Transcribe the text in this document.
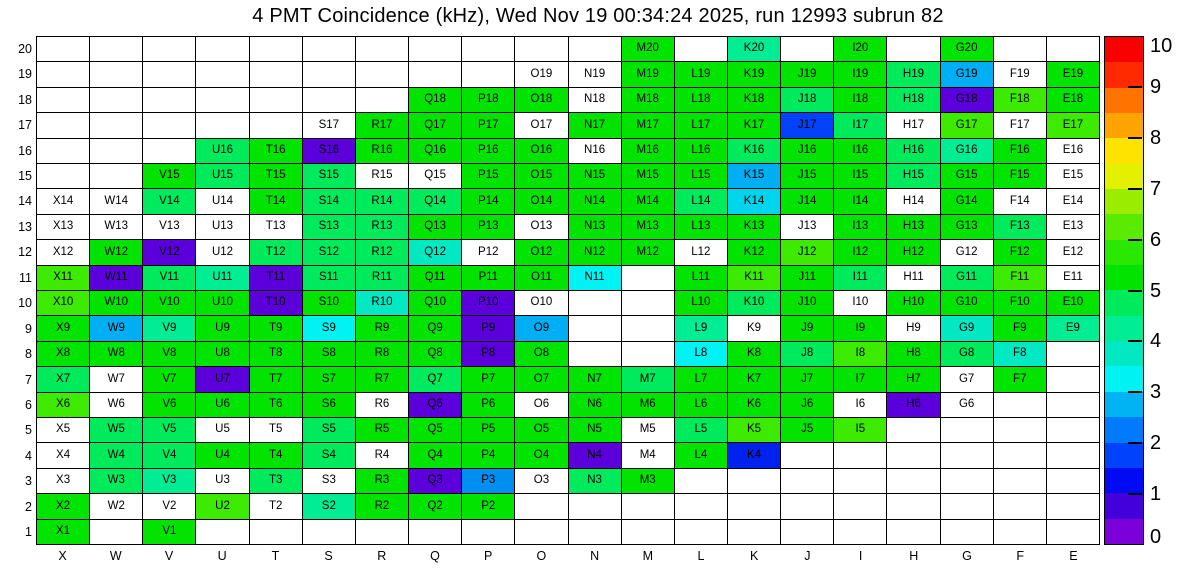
4 PMT Coincidence (kHz), Wed Nov 19 00:34:24 2025, run 12993 subrun 82
M20	K20	I20	G20
O19	N19	M19	L19	K19	J19	I19	H19	G19	F19	E19
Q18	P18	O18	N18	M18	L18	K18	J18	I18	H18	G18	F18	E18
S17	R17	Q17	P17	O17	N17	M17	L17	K17	J17	I17	H17	G17	F17	E17
U16	T16	S16	R16	Q16	P16	O16	N16	M16	L16	K16	J16	I16	H16	G16	F16	E16
V15	U15	T15	S15	R15	Q15	P15	O15	N15	M15	L15	K15	J15	I15	H15	G15	F15	E15
X14	W14	V14	U14	T14	S14	R14	Q14	P14	O14	N14	M14	L14	K14	J14	I14	H14	G14	F14	E14
X13	W13	V13	U13	T13	S13	R13	Q13	P13	O13	N13	M13	L13	K13	J13	I13	H13	G13	F13	E13
X12	W12	V12	U12	T12	S12	R12	Q12	P12	O12	N12	M12	L12	K12	J12	I12	H12	G12	F12	E12
X11	W11	V11	U11	T11	S11	R11	Q11	P11	O11	N11	L11	K11	J11	I11	H11	G11	F11	E11
X10	W10	V10	U10	T10	S10	R10	Q10	P10	O10	L10	K10	J10	I10	H10	G10	F10	E10
X9	W9	V9	U9	T9	S9	R9	Q9	P9	O9	L9	K9	J9	I9	H9	G9	F9	E9
X8	W8	V8	U8	T8	S8	R8	Q8	P8	O8	L8	K8	J8	I8	H8	G8	F8
X7	W7	V7	U7	T7	S7	R7	Q7	P7	O7	N7	M7	L7	K7	J7	I7	H7	G7	F7
X6	W6	V6	U6	T6	S6	R6	Q6	P6	O6	N6	M6	L6	K6	J6	I6	H6	G6
X5	W5	V5	U5	T5	S5	R5	Q5	P5	O5	N5	M5	L5	K5	J5	I5
X4	W4	V4	U4	T4	S4	R4	Q4	P4	O4	N4	M4	L4	K4
X3	W3	V3	U3	T3	S3	R3	Q3	P3	O3	N3	M3
X2	W2	V2	U2	T2	S2	R2	Q2	P2
X1	V1
20
19
18
17
16
15
14
13
12
11
10
9
8
7
6
5
4
3
2
1
X	W	V	U	T	S	R	Q	P	O	N	M	L	K	J	I	H	G	F	E
10
9
8
7
6
5
4
3
2
1
0
